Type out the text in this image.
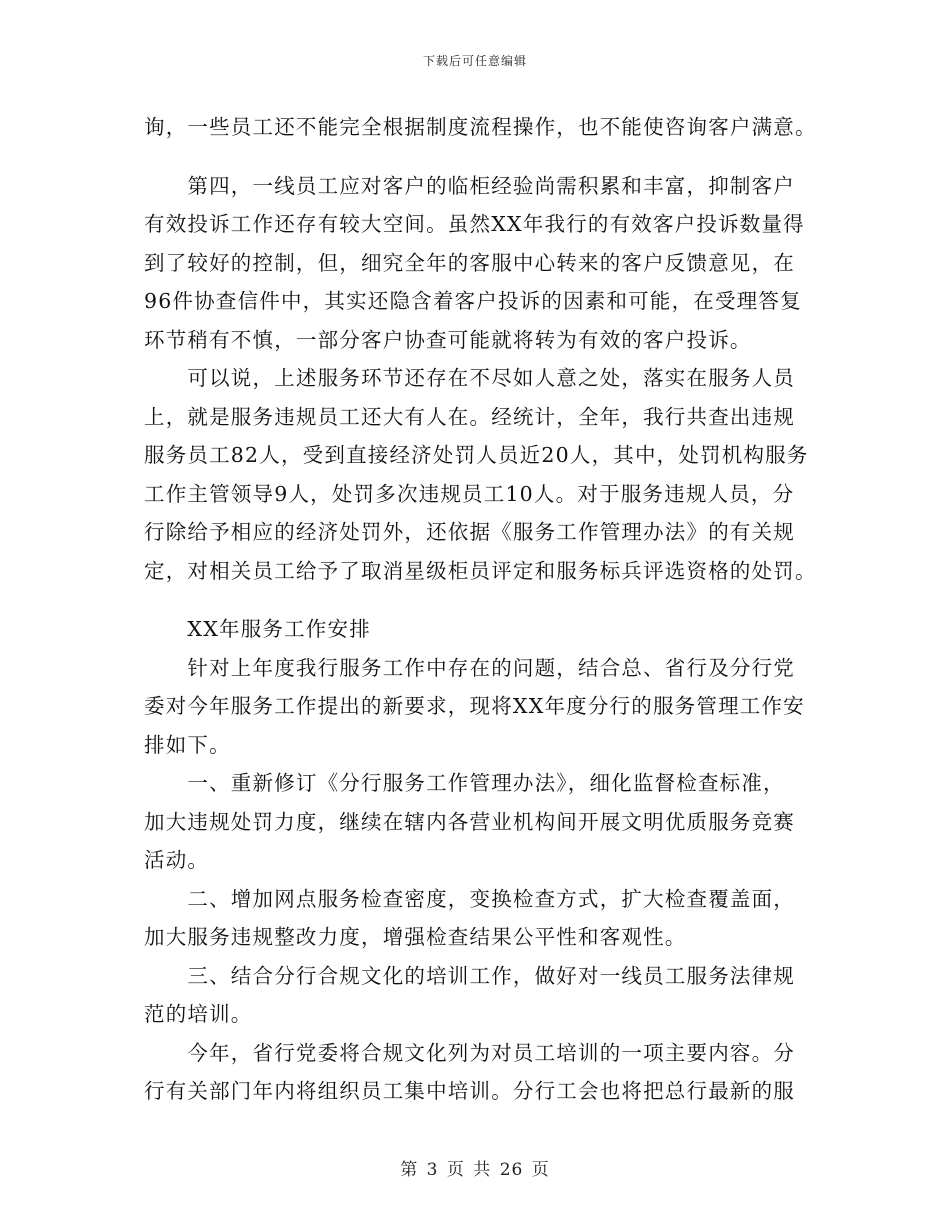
下载后可任意编辑
询，一些员工还不能完全根据制度流程操作，也不能使咨询客户满意。
　　第四，一线员工应对客户的临柜经验尚需积累和丰富，抑制客户
有效投诉工作还存有较大空间。虽然XX年我行的有效客户投诉数量得
到了较好的控制，但，细究全年的客服中心转来的客户反馈意见，在
96件协查信件中，其实还隐含着客户投诉的因素和可能，在受理答复
环节稍有不慎，一部分客户协查可能就将转为有效的客户投诉。
　　可以说，上述服务环节还存在不尽如人意之处，落实在服务人员
上，就是服务违规员工还大有人在。经统计，全年，我行共查出违规
服务员工82人，受到直接经济处罚人员近20人，其中，处罚机构服务
工作主管领导9人，处罚多次违规员工10人。对于服务违规人员，分
行除给予相应的经济处罚外，还依据《服务工作管理办法》的有关规
定，对相关员工给予了取消星级柜员评定和服务标兵评选资格的处罚。
　　XX年服务工作安排
　　针对上年度我行服务工作中存在的问题，结合总、省行及分行党
委对今年服务工作提出的新要求，现将XX年度分行的服务管理工作安
排如下。
　　一、重新修订《分行服务工作管理办法》，细化监督检查标准，
加大违规处罚力度，继续在辖内各营业机构间开展文明优质服务竞赛
活动。
　　二、增加网点服务检查密度，变换检查方式，扩大检查覆盖面，
加大服务违规整改力度，增强检查结果公平性和客观性。
　　三、结合分行合规文化的培训工作，做好对一线员工服务法律规
范的培训。
　　今年，省行党委将合规文化列为对员工培训的一项主要内容。分
行有关部门年内将组织员工集中培训。分行工会也将把总行最新的服
第 3 页 共 26 页
